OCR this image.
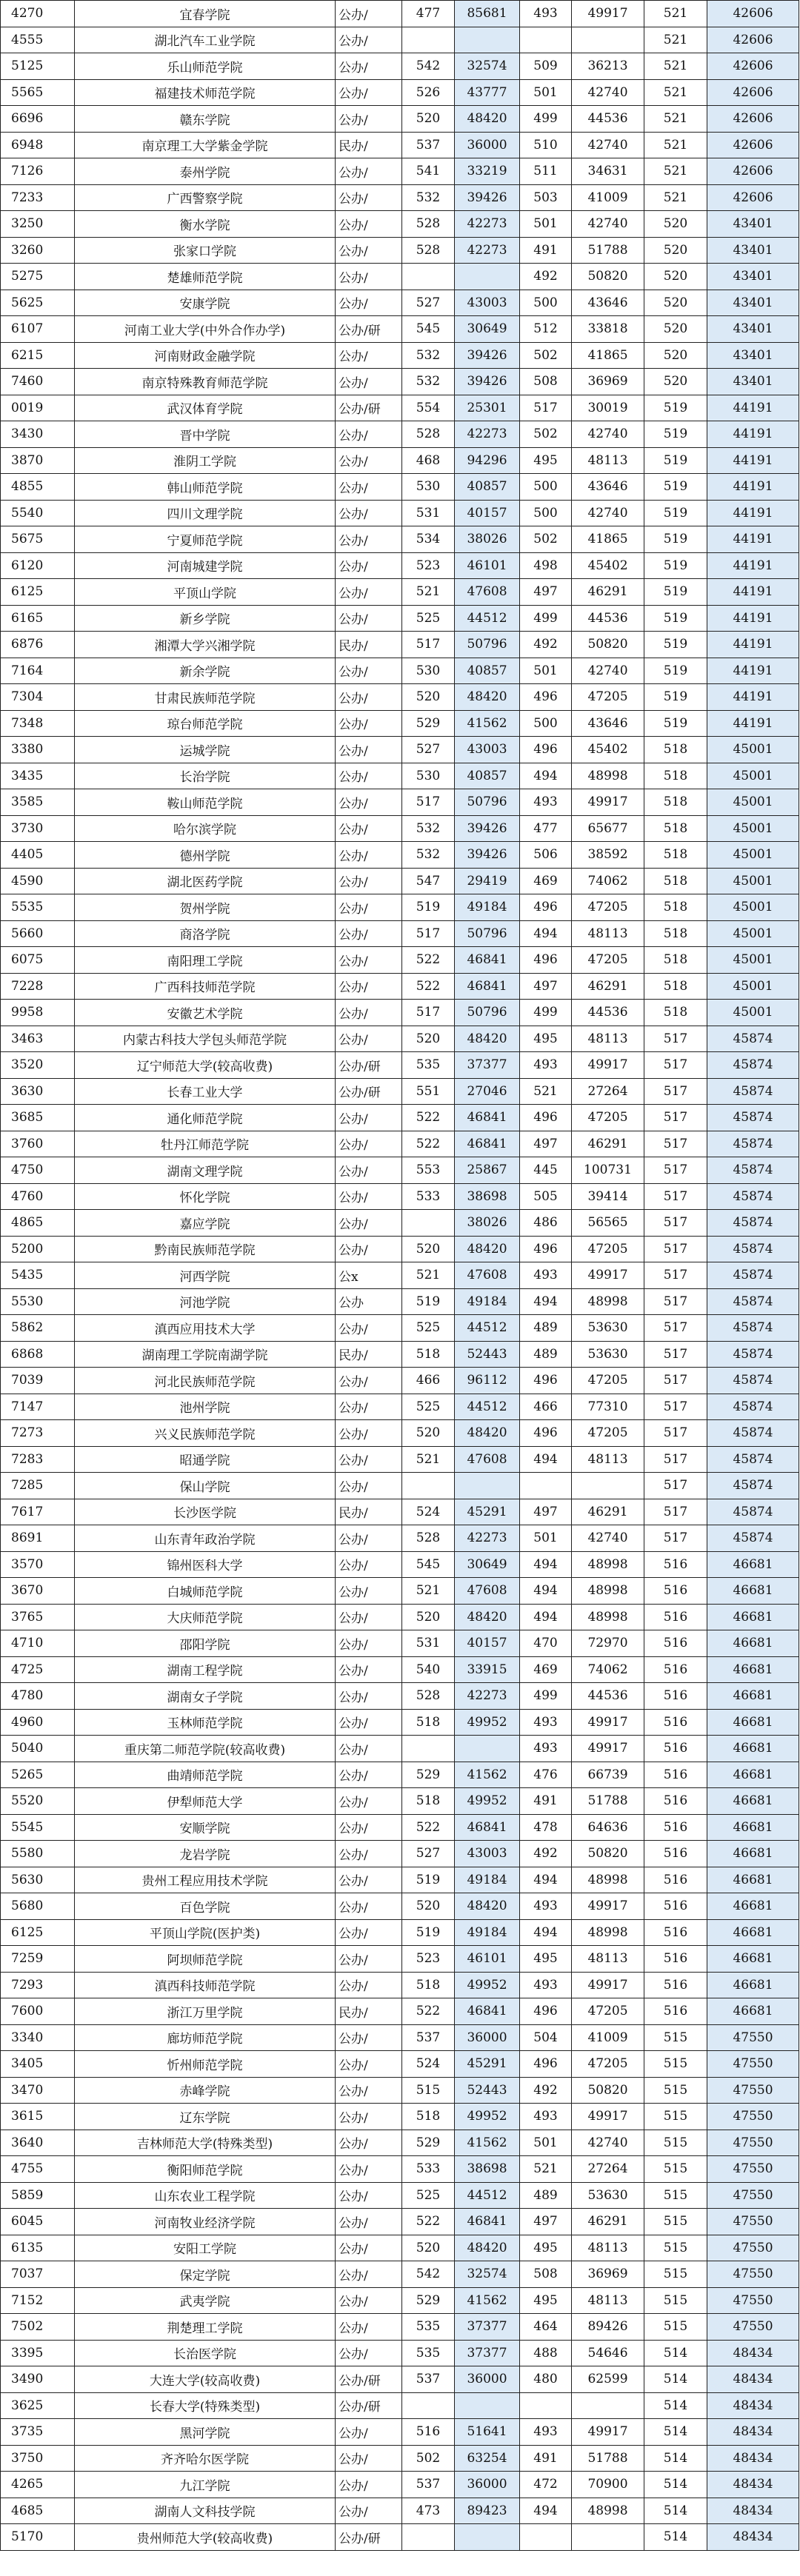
4270	宜春学院	公办/	477	85681	493	49917	521	42606
4555	湖北汽车工业学院	公办/					521	42606
5125	乐山师范学院	公办/	542	32574	509	36213	521	42606
5565	福建技术师范学院	公办/	526	43777	501	42740	521	42606
6696	赣东学院	公办/	520	48420	499	44536	521	42606
6948	南京理工大学紫金学院	民办/	537	36000	510	42740	521	42606
7126	泰州学院	公办/	541	33219	511	34631	521	42606
7233	广西警察学院	公办/	532	39426	503	41009	521	42606
3250	衡水学院	公办/	528	42273	501	42740	520	43401
3260	张家口学院	公办/	528	42273	491	51788	520	43401
5275	楚雄师范学院	公办/			492	50820	520	43401
5625	安康学院	公办/	527	43003	500	43646	520	43401
6107	河南工业大学(中外合作办学)	公办/研	545	30649	512	33818	520	43401
6215	河南财政金融学院	公办/	532	39426	502	41865	520	43401
7460	南京特殊教育师范学院	公办/	532	39426	508	36969	520	43401
0019	武汉体育学院	公办/研	554	25301	517	30019	519	44191
3430	晋中学院	公办/	528	42273	502	42740	519	44191
3870	淮阴工学院	公办/	468	94296	495	48113	519	44191
4855	韩山师范学院	公办/	530	40857	500	43646	519	44191
5540	四川文理学院	公办/	531	40157	500	42740	519	44191
5675	宁夏师范学院	公办/	534	38026	502	41865	519	44191
6120	河南城建学院	公办/	523	46101	498	45402	519	44191
6125	平顶山学院	公办/	521	47608	497	46291	519	44191
6165	新乡学院	公办/	525	44512	499	44536	519	44191
6876	湘潭大学兴湘学院	民办/	517	50796	492	50820	519	44191
7164	新余学院	公办/	530	40857	501	42740	519	44191
7304	甘肃民族师范学院	公办/	520	48420	496	47205	519	44191
7348	琼台师范学院	公办/	529	41562	500	43646	519	44191
3380	运城学院	公办/	527	43003	496	45402	518	45001
3435	长治学院	公办/	530	40857	494	48998	518	45001
3585	鞍山师范学院	公办/	517	50796	493	49917	518	45001
3730	哈尔滨学院	公办/	532	39426	477	65677	518	45001
4405	德州学院	公办/	532	39426	506	38592	518	45001
4590	湖北医药学院	公办/	547	29419	469	74062	518	45001
5535	贺州学院	公办/	519	49184	496	47205	518	45001
5660	商洛学院	公办/	517	50796	494	48113	518	45001
6075	南阳理工学院	公办/	522	46841	496	47205	518	45001
7228	广西科技师范学院	公办/	522	46841	497	46291	518	45001
9958	安徽艺术学院	公办/	517	50796	499	44536	518	45001
3463	内蒙古科技大学包头师范学院	公办/	520	48420	495	48113	517	45874
3520	辽宁师范大学(较高收费)	公办/研	535	37377	493	49917	517	45874
3630	长春工业大学	公办/研	551	27046	521	27264	517	45874
3685	通化师范学院	公办/	522	46841	496	47205	517	45874
3760	牡丹江师范学院	公办/	522	46841	497	46291	517	45874
4750	湖南文理学院	公办/	553	25867	445	100731	517	45874
4760	怀化学院	公办/	533	38698	505	39414	517	45874
4865	嘉应学院	公办/		38026	486	56565	517	45874
5200	黔南民族师范学院	公办/	520	48420	496	47205	517	45874
5435	河西学院	公x	521	47608	493	49917	517	45874
5530	河池学院	公办	519	49184	494	48998	517	45874
5862	滇西应用技术大学	公办/	525	44512	489	53630	517	45874
6868	湖南理工学院南湖学院	民办/	518	52443	489	53630	517	45874
7039	河北民族师范学院	公办/	466	96112	496	47205	517	45874
7147	池州学院	公办/	525	44512	466	77310	517	45874
7273	兴义民族师范学院	公办/	520	48420	496	47205	517	45874
7283	昭通学院	公办/	521	47608	494	48113	517	45874
7285	保山学院	公办/					517	45874
7617	长沙医学院	民办/	524	45291	497	46291	517	45874
8691	山东青年政治学院	公办/	528	42273	501	42740	517	45874
3570	锦州医科大学	公办/	545	30649	494	48998	516	46681
3670	白城师范学院	公办/	521	47608	494	48998	516	46681
3765	大庆师范学院	公办/	520	48420	494	48998	516	46681
4710	邵阳学院	公办/	531	40157	470	72970	516	46681
4725	湖南工程学院	公办/	540	33915	469	74062	516	46681
4780	湖南女子学院	公办/	528	42273	499	44536	516	46681
4960	玉林师范学院	公办/	518	49952	493	49917	516	46681
5040	重庆第二师范学院(较高收费)	公办/			493	49917	516	46681
5265	曲靖师范学院	公办/	529	41562	476	66739	516	46681
5520	伊犁师范大学	公办/	518	49952	491	51788	516	46681
5545	安顺学院	公办/	522	46841	478	64636	516	46681
5580	龙岩学院	公办/	527	43003	492	50820	516	46681
5630	贵州工程应用技术学院	公办/	519	49184	494	48998	516	46681
5680	百色学院	公办/	520	48420	493	49917	516	46681
6125	平顶山学院(医护类)	公办/	519	49184	494	48998	516	46681
7259	阿坝师范学院	公办/	523	46101	495	48113	516	46681
7293	滇西科技师范学院	公办/	518	49952	493	49917	516	46681
7600	浙江万里学院	民办/	522	46841	496	47205	516	46681
3340	廊坊师范学院	公办/	537	36000	504	41009	515	47550
3405	忻州师范学院	公办/	524	45291	496	47205	515	47550
3470	赤峰学院	公办/	515	52443	492	50820	515	47550
3615	辽东学院	公办/	518	49952	493	49917	515	47550
3640	吉林师范大学(特殊类型)	公办/	529	41562	501	42740	515	47550
4755	衡阳师范学院	公办/	533	38698	521	27264	515	47550
5859	山东农业工程学院	公办/	525	44512	489	53630	515	47550
6045	河南牧业经济学院	公办/	522	46841	497	46291	515	47550
6135	安阳工学院	公办/	520	48420	495	48113	515	47550
7037	保定学院	公办/	542	32574	508	36969	515	47550
7152	武夷学院	公办/	529	41562	495	48113	515	47550
7502	荆楚理工学院	公办/	535	37377	464	89426	515	47550
3395	长治医学院	公办/	535	37377	488	54646	514	48434
3490	大连大学(较高收费)	公办/研	537	36000	480	62599	514	48434
3625	长春大学(特殊类型)	公办/研					514	48434
3735	黑河学院	公办/	516	51641	493	49917	514	48434
3750	齐齐哈尔医学院	公办/	502	63254	491	51788	514	48434
4265	九江学院	公办/	537	36000	472	70900	514	48434
4685	湖南人文科技学院	公办/	473	89423	494	48998	514	48434
5170	贵州师范大学(较高收费)	公办/研					514	48434
